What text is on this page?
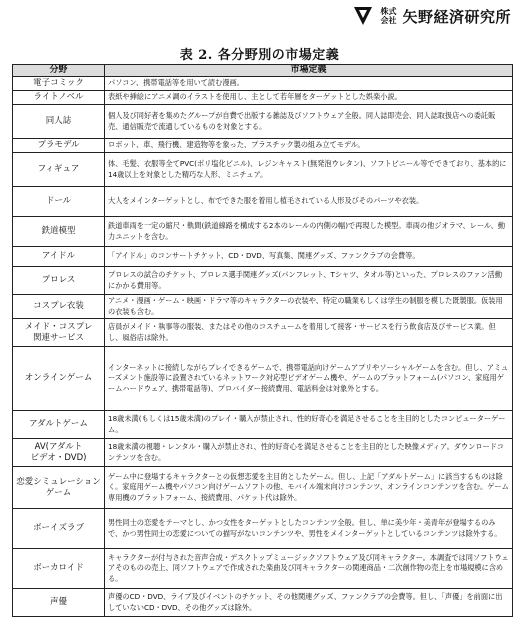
株式
会社 矢野経済研究所
表 2. 各分野別の市場定義
分野	市場定義

電子コミック	パソコン、携帯電話等を用いて読む漫画。

ライトノベル	表紙や挿絵にアニメ調のイラストを使用し、主として若年層をターゲットとした娯楽小説。

同人誌	個人及び同好者を集めたグループが自費で出版する雑誌及びソフトウェア全般。同人誌即売会、同人誌取扱店への委託販売、通信販売で流通しているものを対象とする。

プラモデル	ロボット、車、飛行機、建造物等を象った、プラスチック製の組み立てモデル。

フィギュア	体、毛髪、衣服等全てPVC(ポリ塩化ビニル)、レジンキャスト(無発泡ウレタン)、ソフトビニール等でできており、基本的に14歳以上を対象とした精巧な人形、ミニチュア。

ドール	大人をメインターゲットとし、布でできた服を着用し植毛されている人形及びそのパーツや衣装。

鉄道模型	鉄道車両を一定の縮尺・軌間(鉄道線路を構成する2本のレールの内側の幅)で再現した模型。車両の他ジオラマ、レール、動力ユニットを含む。

アイドル	「アイドル」のコンサートチケット、CD・DVD、写真集、関連グッズ、ファンクラブの会費等。

プロレス	プロレスの試合のチケット、プロレス選手関連グッズ(パンフレット、Tシャツ、タオル等)といった、プロレスのファン活動にかかる費用等。

コスプレ衣装	アニメ・漫画・ゲーム・映画・ドラマ等のキャラクターの衣装や、特定の職業もしくは学生の制服を模した既製服。仮装用の衣装も含む。

メイド・コスプレ
関連サービス	店員がメイド・執事等の服装、またはその他のコスチュームを着用して接客・サービスを行う飲食店及びサービス業。但し、風俗店は除外。

オンラインゲーム	インターネットに接続しながらプレイできるゲームで、携帯電話向けゲームアプリやソーシャルゲームを含む。但し、アミューズメント施設等に設置されているネットワーク対応型ビデオゲーム機や、ゲームのプラットフォーム(パソコン、家庭用ゲームハードウェア、携帯電話等)、プロバイダー接続費用、電話料金は対象外とする。

アダルトゲーム	18歳未満(もしくは15歳未満)のプレイ・購入が禁止され、性的好奇心を満足させることを主目的としたコンピューターゲーム。

AV(アダルト
ビデオ・DVD)	18歳未満の視聴・レンタル・購入が禁止され、性的好奇心を満足させることを主目的とした映像メディア。ダウンロードコンテンツを含む。

恋愛シミュレーション
ゲーム	ゲーム中に登場するキャラクターとの仮想恋愛を主目的としたゲーム。但し、上記「アダルトゲーム」に該当するものは除く。家庭用ゲーム機やパソコン向けゲームソフトの他、モバイル端末向けコンテンツ、オンラインコンテンツを含む。ゲーム専用機のプラットフォーム、接続費用、パケット代は除外。

ボーイズラブ	男性同士の恋愛をテーマとし、かつ女性をターゲットとしたコンテンツ全般。但し、単に美少年・美青年が登場するのみで、かつ男性同士の恋愛についての描写がないコンテンツや、男性をメインターゲットとしているコンテンツは除外する。

ボーカロイド	キャラクターが付与された音声合成・デスクトップミュージックソフトウェア及び同キャラクター。本調査では同ソフトウェアそのものの売上、同ソフトウェアで作成された楽曲及び同キャラクターの関連商品・二次創作物の売上を市場規模に含める。

声優	声優のCD・DVD、ライブ及びイベントのチケット、その他関連グッズ、ファンクラブの会費等。但し、「声優」を前面に出していないCD・DVD、その他グッズは除外。
